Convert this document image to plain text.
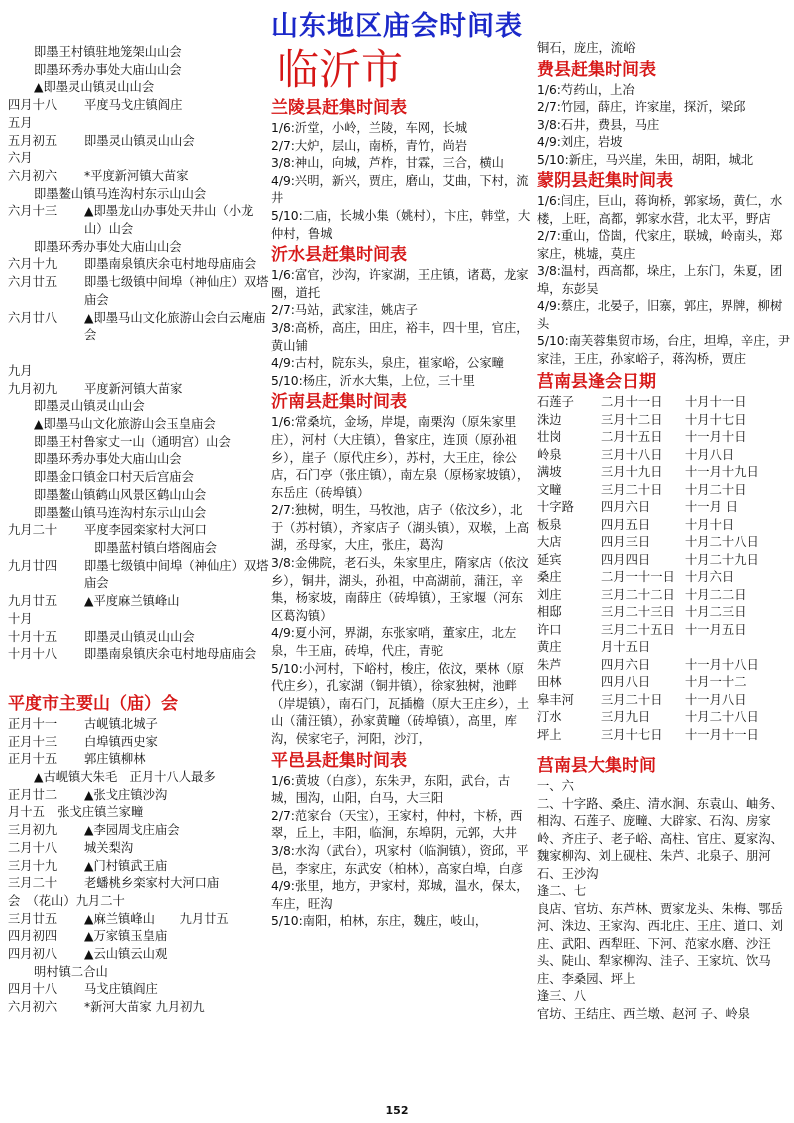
山东地区庙会时间表
即墨王村镇驻地笼架山山会
即墨环秀办事处大庙山山会
▲即墨灵山镇灵山山会
四月十八	平度马戈庄镇阎庄
五月
五月初五	即墨灵山镇灵山山会
六月
六月初六	*平度新河镇大苗家
即墨鳌山镇马连沟村东示山山会
六月十三	▲即墨龙山办事处天井山（小龙山）山会
即墨环秀办事处大庙山山会
六月十九	即墨南泉镇庆余屯村地母庙庙会
六月廿五	即墨七级镇中间埠（神仙庄）双塔庙会
六月廿八	▲即墨马山文化旅游山会白云庵庙会
九月
九月初九	平度新河镇大苗家
即墨灵山镇灵山山会
▲即墨马山文化旅游山会玉皇庙会
即墨王村鲁家丈一山（通明宫）山会
即墨环秀办事处大庙山山会
即墨金口镇金口村天后宫庙会
即墨鳌山镇鹤山风景区鹤山山会
即墨鳌山镇马连沟村东示山山会
九月二十	平度李园栾家村大河口
即墨蓝村镇白塔阁庙会
九月廿四	即墨七级镇中间埠（神仙庄）双塔庙会
九月廿五	▲平度麻兰镇峰山
十月
十月十五	即墨灵山镇灵山山会
十月十八	即墨南泉镇庆余屯村地母庙庙会
平度市主要山（庙）会
正月十一	古岘镇北城子
正月十三	白埠镇西史家
正月十五	郭庄镇柳林
▲古岘镇大朱毛　正月十八人最多
正月廿二	▲张戈庄镇沙沟
月十五　张戈庄镇兰家疃
三月初九	▲李园周戈庄庙会
二月十八	城关梨沟
三月十九	▲门村镇武王庙
三月二十	老蟠桃乡栾家村大河口庙
会　（花山）九月二十
三月廿五	▲麻兰镇峰山　　九月廿五
四月初四	▲万家镇玉皇庙
四月初八	▲云山镇云山观
明村镇二合山
四月十八	马戈庄镇阎庄
六月初六	*新河大苗家 九月初九
临沂市
兰陵县赶集时间表
1/6:沂堂，小岭，兰陵，车网，长城
2/7:大炉，层山，南桥，青竹，尚岩
3/8:神山，向城，芦柞，甘霖，三合，横山
4/9:兴明，新兴，贾庄，磨山，艾曲，下村，流井
5/10:二庙，长城小集（姚村），卞庄，韩堂，大仲村，鲁城
沂水县赶集时间表
1/6:富官，沙沟，许家湖，王庄镇，诸葛，龙家圈，道托
2/7:马站，武家洼，姚店子
3/8:高桥，高庄，田庄，裕丰，四十里，官庄，黄山铺
4/9:古村，院东头，泉庄，崔家峪，公家疃
5/10:杨庄，沂水大集，上位，三十里
沂南县赶集时间表
1/6:常桑坑，金场，岸堤，南栗沟（原朱家里庄），河村（大庄镇），鲁家庄，连顶（原孙祖乡），崖子（原代庄乡），苏村，大王庄，徐公店，石门亭（张庄镇），南左泉（原杨家坡镇），东岳庄（砖埠镇）
2/7:独树，明生，马牧池，店子（依汶乡），北于（苏村镇），齐家店子（湖头镇），双堠，上高湖，丞母家，大庄，张庄，葛沟
3/8:金佛院，老石头，朱家里庄，隋家店（依汶乡），铜井，湖头，孙祖，中高湖前，蒲汪，辛集，杨家坡，南薛庄（砖埠镇），王家堰（河东区葛沟镇）
4/9:夏小河，界湖，东张家哨，董家庄，北左泉，牛王庙，砖埠，代庄，青驼
5/10:小河村，下峪村，梭庄，依汶，栗林（原代庄乡），孔家湖（铜井镇），徐家独树，池畔（岸堤镇），南石门，瓦插檐（原大王庄乡），土山（蒲汪镇），孙家黄疃（砖埠镇），高里，库沟，侯家宅子，河阳，沙汀，
平邑县赶集时间表
1/6:黄坡（白彦），东朱尹，东阳，武台，古城，围沟，山阳，白马，大三阳
2/7:范家台（天宝），王家村，仲村，卞桥，西翠，丘上，丰阳，临涧，东埠阴，元郭，大井
3/8:水沟（武台），巩家村（临涧镇），资邱，平邑，李家庄，东武安（柏林），高家白埠，白彦
4/9:张里，地方，尹家村，郑城，温水，保太，车庄，旺沟
5/10:南阳，柏林，东庄，魏庄，岐山，
铜石，庞庄，流峪
费县赶集时间表
1/6:芍药山，上冶
2/7:竹园，薛庄，许家崖，探沂，梁邱
3/8:石井，费县，马庄
4/9:刘庄，岩坡
5/10:新庄，马兴崖，朱田，胡阳，城北
蒙阴县赶集时间表
1/6:闫庄，巨山，蒋询桥，郭家场，黄仁，水楼，上旺，高都，郭家水营，北太平，野店
2/7:重山，岱崮，代家庄，联城，岭南头，郑家庄，桃墟，莫庄
3/8:温村，西高都，垛庄，上东门，朱夏，团埠，东彭吴
4/9:蔡庄，北晏子，旧寨，郭庄，界牌，柳树头
5/10:南芙蓉集贸市场，台庄，坦埠，辛庄，尹家洼，王庄，孙家峪子，蒋沟桥，贾庄
莒南县逢会日期
石莲子	二月十一日	十月十一日
洙边	三月十二日	十月十七日
壮岗	二月十五日	十一月十日
岭泉	三月十八日	十月八日
满坡	三月十九日	十一月十九日
文疃	三月二十日	十月二十日
十字路	四月六日	十一月 日
板泉	四月五日	十月十日
大店	四月三日	十月二十八日
延宾	四月四日	十月二十九日
桑庄	二月一十一日 十月六日
刘庄	三月二十二日 十月二二日
相邸	三月二十三日 十月二三日
许口	三月二十五日 十一月五日
黄庄	月十五日
朱芦	四月六日	十一月十八日
田林	四月八日	十月一十二
皋丰河	三月二十日	十一月八日
汀水	三月九日	十月二十八日
坪上	三月十七日	十一月十一日
莒南县大集时间
一、六
二、十字路、桑庄、清水涧、东袁山、岫务、相沟、石莲子、庞疃、大辟家、石沟、房家岭、齐庄子、老子峪、高柱、官庄、夏家沟、魏家柳沟、刘上砚柱、朱芦、北泉子、朋河石、王沙沟
逢二、七
良店、官坊、东芦林、贾家龙头、朱梅、鄂岳河、洙边、王家沟、西北庄、王庄、道口、刘庄、武阳、西犁旺、下河、范家水磨、沙汪头、陡山、犁家柳沟、洼子、王家坑、饮马庄、李桑园、坪上
逢三、八
官坊、王结庄、西兰墩、赵河 子、岭泉
152
